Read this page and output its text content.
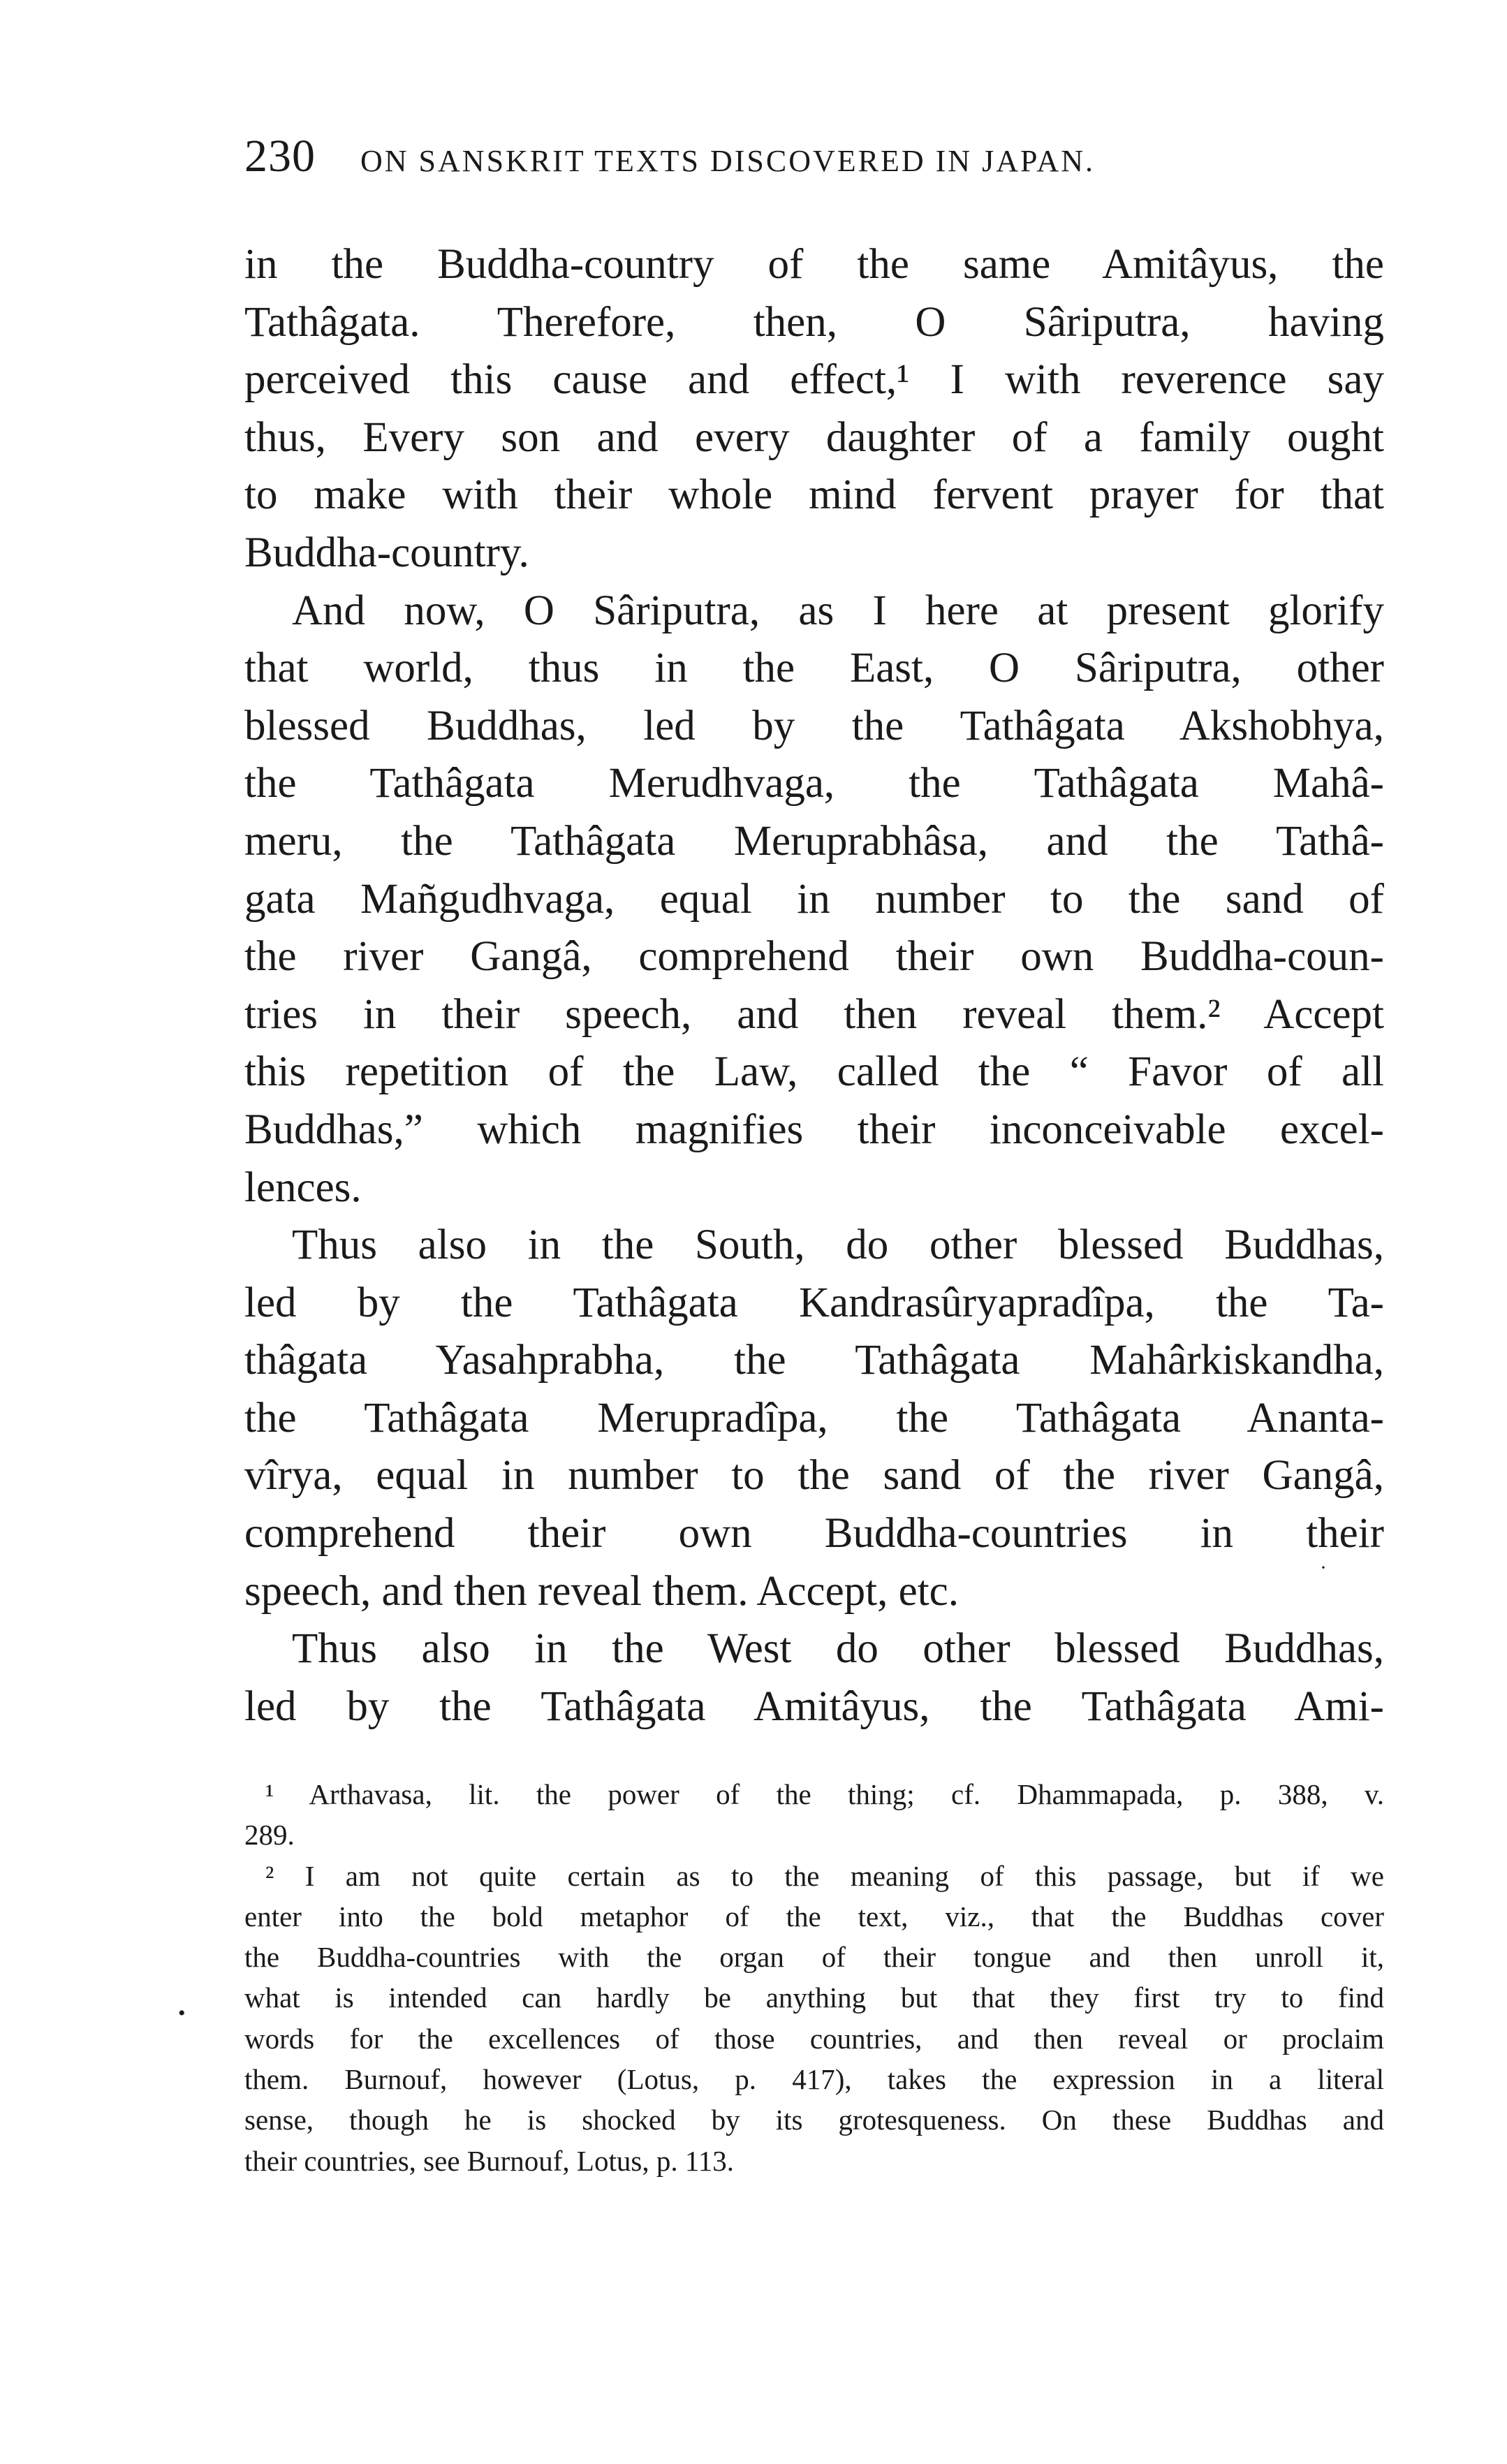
230 ON SANSKRIT TEXTS DISCOVERED IN JAPAN.
in the Buddha-country of the same Amitâyus, the
Tathâgata. Therefore, then, O Sâriputra, having
perceived this cause and effect,¹ I with reverence say
thus, Every son and every daughter of a family ought
to make with their whole mind fervent prayer for that
Buddha-country.
And now, O Sâriputra, as I here at present glorify
that world, thus in the East, O Sâriputra, other
blessed Buddhas, led by the Tathâgata Akshobhya,
the Tathâgata Merudhvaga, the Tathâgata Mahâ-
meru, the Tathâgata Meruprabhâsa, and the Tathâ-
gata Mañgudhvaga, equal in number to the sand of
the river Gangâ, comprehend their own Buddha-coun-
tries in their speech, and then reveal them.² Accept
this repetition of the Law, called the “ Favor of all
Buddhas,” which magnifies their inconceivable excel-
lences.
Thus also in the South, do other blessed Buddhas,
led by the Tathâgata Kandrasûryapradîpa, the Ta-
thâgata Yasahprabha, the Tathâgata Mahârkiskandha,
the Tathâgata Merupradîpa, the Tathâgata Ananta-
vîrya, equal in number to the sand of the river Gangâ,
comprehend their own Buddha-countries in their
speech, and then reveal them. Accept, etc.
Thus also in the West do other blessed Buddhas,
led by the Tathâgata Amitâyus, the Tathâgata Ami-
¹ Arthavasa, lit. the power of the thing; cf. Dhammapada, p. 388, v.
289.
² I am not quite certain as to the meaning of this passage, but if we
enter into the bold metaphor of the text, viz., that the Buddhas cover
the Buddha-countries with the organ of their tongue and then unroll it,
what is intended can hardly be anything but that they first try to find
words for the excellences of those countries, and then reveal or proclaim
them. Burnouf, however (Lotus, p. 417), takes the expression in a literal
sense, though he is shocked by its grotesqueness. On these Buddhas and
their countries, see Burnouf, Lotus, p. 113.
·
•
